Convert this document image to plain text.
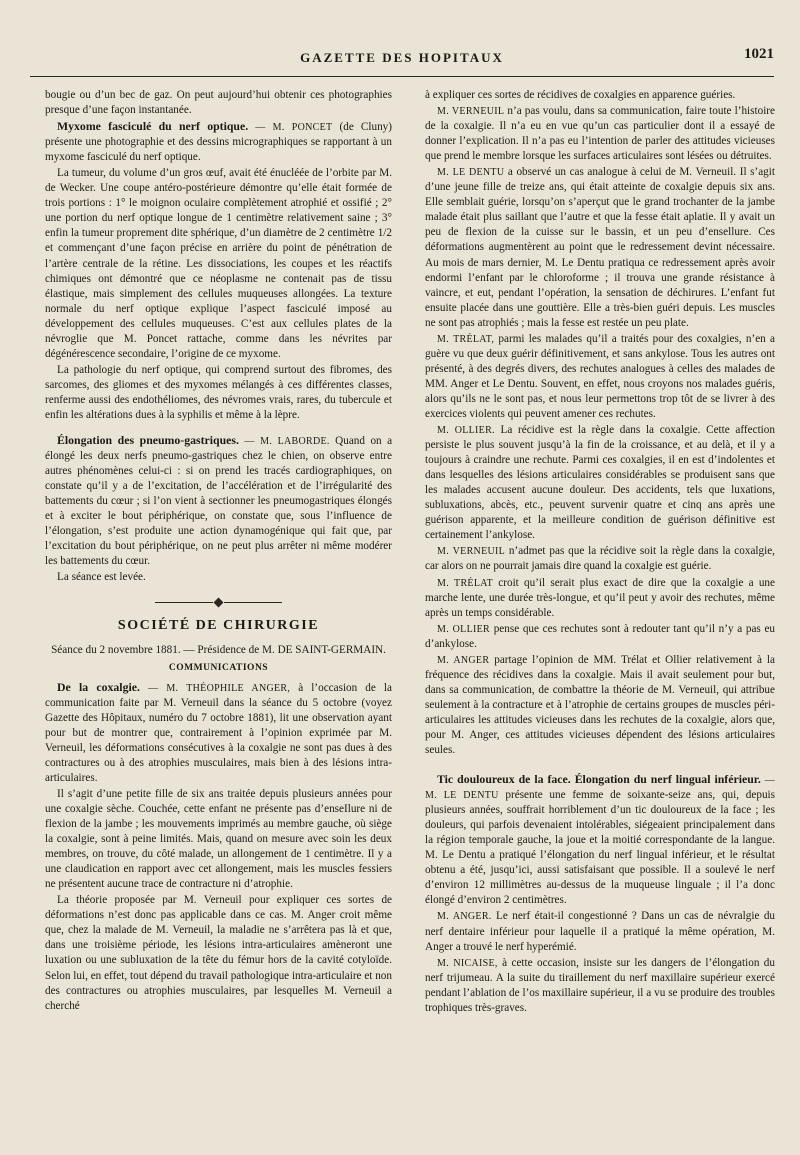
GAZETTE DES HOPITAUX	1021

bougie ou d’un bec de gaz. On peut aujourd’hui obtenir ces photographies presque d’une façon instantanée.

Myxome fasciculé du nerf optique. — M. PONCET (de Cluny) présente une photographie et des dessins micrographiques se rapportant à un myxome fasciculé du nerf optique.

La tumeur, du volume d’un gros œuf, avait été énucléée de l’orbite par M. de Wecker. Une coupe antéro-postérieure démontre qu’elle était formée de trois portions : 1° le moignon oculaire complètement atrophié et ossifié ; 2° une portion du nerf optique longue de 1 centimètre relativement saine ; 3° enfin la tumeur proprement dite sphérique, d’un diamètre de 2 centimètre 1/2 et commençant d’une façon précise en arrière du point de pénétration de l’artère centrale de la rétine. Les dissociations, les coupes et les réactifs chimiques ont démontré que ce néoplasme ne contenait pas de tissu élastique, mais simplement des cellules muqueuses allongées. La texture normale du nerf optique explique l’aspect fasciculé imposé au développement des cellules muqueuses. C’est aux cellules plates de la névroglie que M. Poncet rattache, comme dans les névrites par dégénérescence secondaire, l’origine de ce myxome.

La pathologie du nerf optique, qui comprend surtout des fibromes, des sarcomes, des gliomes et des myxomes mélangés à ces différentes classes, renferme aussi des endothéliomes, des névromes vrais, rares, du tubercule et enfin les altérations dues à la syphilis et même à la lèpre.

Élongation des pneumo-gastriques. — M. LABORDE. Quand on a élongé les deux nerfs pneumo-gastriques chez le chien, on observe entre autres phénomènes celui-ci : si on prend les tracés cardiographiques, on constate qu’il y a de l’excitation, de l’accélération et de l’irrégularité des battements du cœur ; si l’on vient à sectionner les pneumogastriques élongés et à exciter le bout périphérique, on constate que, sous l’influence de l’élongation, s’est produite une action dynamogénique qui fait que, par l’excitation du bout périphérique, on ne peut plus arrêter ni même modérer les battements du cœur.

La séance est levée.

SOCIÉTÉ DE CHIRURGIE

Séance du 2 novembre 1881. — Présidence de M. DE SAINT-GERMAIN.

COMMUNICATIONS

De la coxalgie. — M. THÉOPHILE ANGER, à l’occasion de la communication faite par M. Verneuil dans la séance du 5 octobre (voyez Gazette des Hôpitaux, numéro du 7 octobre 1881), lit une observation ayant pour but de montrer que, contrairement à l’opinion exprimée par M. Verneuil, les déformations consécutives à la coxalgie ne sont pas dues à des contractures ou à des atrophies musculaires, mais bien à des lésions intra-articulaires.

Il s’agit d’une petite fille de six ans traitée depuis plusieurs années pour une coxalgie sèche. Couchée, cette enfant ne présente pas d’enseIlure ni de flexion de la jambe ; les mouvements imprimés au membre gauche, où siège la coxalgie, sont à peine limités. Mais, quand on mesure avec soin les deux membres, on trouve, du côté malade, un allongement de 1 centimètre. Il y a une claudication en rapport avec cet allongement, mais les muscles fessiers ne présentent aucune trace de contracture ni d’atrophie.

La théorie proposée par M. Verneuil pour expliquer ces sortes de déformations n’est donc pas applicable dans ce cas. M. Anger croit même que, chez la malade de M. Verneuil, la maladie ne s’arrêtera pas là et que, dans une troisième période, les lésions intra-articulaires amèneront une luxation ou une subluxation de la tête du fémur hors de la cavité cotyloïde. Selon lui, en effet, tout dépend du travail pathologique intra-articulaire et non des contractures ou atrophies musculaires, par lesquelles M. Verneuil a cherché

à expliquer ces sortes de récidives de coxalgies en apparence guéries.

M. VERNEUIL n’a pas voulu, dans sa communication, faire toute l’histoire de la coxalgie. Il n’a eu en vue qu’un cas particulier dont il a essayé de donner l’explication. Il n’a pas eu l’intention de parler des attitudes vicieuses que prend le membre lorsque les surfaces articulaires sont lésées ou détruites.

M. LE DENTU a observé un cas analogue à celui de M. Verneuil. Il s’agit d’une jeune fille de treize ans, qui était atteinte de coxalgie depuis six ans. Elle semblait guérie, lorsqu’on s’aperçut que le grand trochanter de la jambe malade était plus saillant que l’autre et que la fesse était aplatie. Il y avait un peu de flexion de la cuisse sur le bassin, et un peu d’ensellure. Ces déformations augmentèrent au point que le redressement devint nécessaire. Au mois de mars dernier, M. Le Dentu pratiqua ce redressement après avoir endormi l’enfant par le chloroforme ; il trouva une grande résistance à vaincre, et eut, pendant l’opération, la sensation de déchirures. L’enfant fut ensuite placée dans une gouttière. Elle a très-bien guéri depuis. Les muscles ne sont pas atrophiés ; mais la fesse est restée un peu plate.

M. TRÉLAT, parmi les malades qu’il a traités pour des coxalgies, n’en a guère vu que deux guérir définitivement, et sans ankylose. Tous les autres ont présenté, à des degrés divers, des rechutes analogues à celles des malades de MM. Anger et Le Dentu. Souvent, en effet, nous croyons nos malades guéris, alors qu’ils ne le sont pas, et nous leur permettons trop tôt de se livrer à des exercices violents qui peuvent amener ces rechutes.

M. OLLIER. La récidive est la règle dans la coxalgie. Cette affection persiste le plus souvent jusqu’à la fin de la croissance, et au delà, et il y a toujours à craindre une rechute. Parmi ces coxalgies, il en est d’indolentes et dans lesquelles des lésions articulaires considérables se produisent sans que les malades accusent aucune douleur. Des accidents, tels que luxations, subluxations, abcès, etc., peuvent survenir quatre et cinq ans après une guérison apparente, et la meilleure condition de guérison définitive est certainement l’ankylose.

M. VERNEUIL n’admet pas que la récidive soit la règle dans la coxalgie, car alors on ne pourrait jamais dire quand la coxalgie est guérie.

M. TRÉLAT croit qu’il serait plus exact de dire que la coxalgie a une marche lente, une durée très-longue, et qu’il peut y avoir des rechutes, même après un temps considérable.

M. OLLIER pense que ces rechutes sont à redouter tant qu’il n’y a pas eu d’ankylose.

M. ANGER partage l’opinion de MM. Trélat et Ollier relativement à la fréquence des récidives dans la coxalgie. Mais il avait seulement pour but, dans sa communication, de combattre la théorie de M. Verneuil, qui attribue seulement à la contracture et à l’atrophie de certains groupes de muscles péri-articulaires les attitudes vicieuses dans les rechutes de la coxalgie, alors que, pour M. Anger, ces attitudes vicieuses dépendent des lésions articulaires seules.

Tic douloureux de la face. Élongation du nerf lingual inférieur. — M. LE DENTU présente une femme de soixante-seize ans, qui, depuis plusieurs années, souffrait horriblement d’un tic douloureux de la face ; les douleurs, qui parfois devenaient intolérables, siégeaient principalement dans la région temporale gauche, la joue et la moitié correspondante de la langue. M. Le Dentu a pratiqué l’élongation du nerf lingual inférieur, et le résultat obtenu a été, jusqu’ici, aussi satisfaisant que possible. Il a soulevé le nerf d’environ 12 millimètres au-dessus de la muqueuse linguale ; il l’a donc élongé d’environ 2 centimètres.

M. ANGER. Le nerf était-il congestionné ? Dans un cas de névralgie du nerf dentaire inférieur pour laquelle il a pratiqué la même opération, M. Anger a trouvé le nerf hyperémié.

M. NICAISE, à cette occasion, insiste sur les dangers de l’élongation du nerf trijumeau. A la suite du tiraillement du nerf maxillaire supérieur exercé pendant l’ablation de l’os maxillaire supérieur, il a vu se produire des troubles trophiques très-graves.
